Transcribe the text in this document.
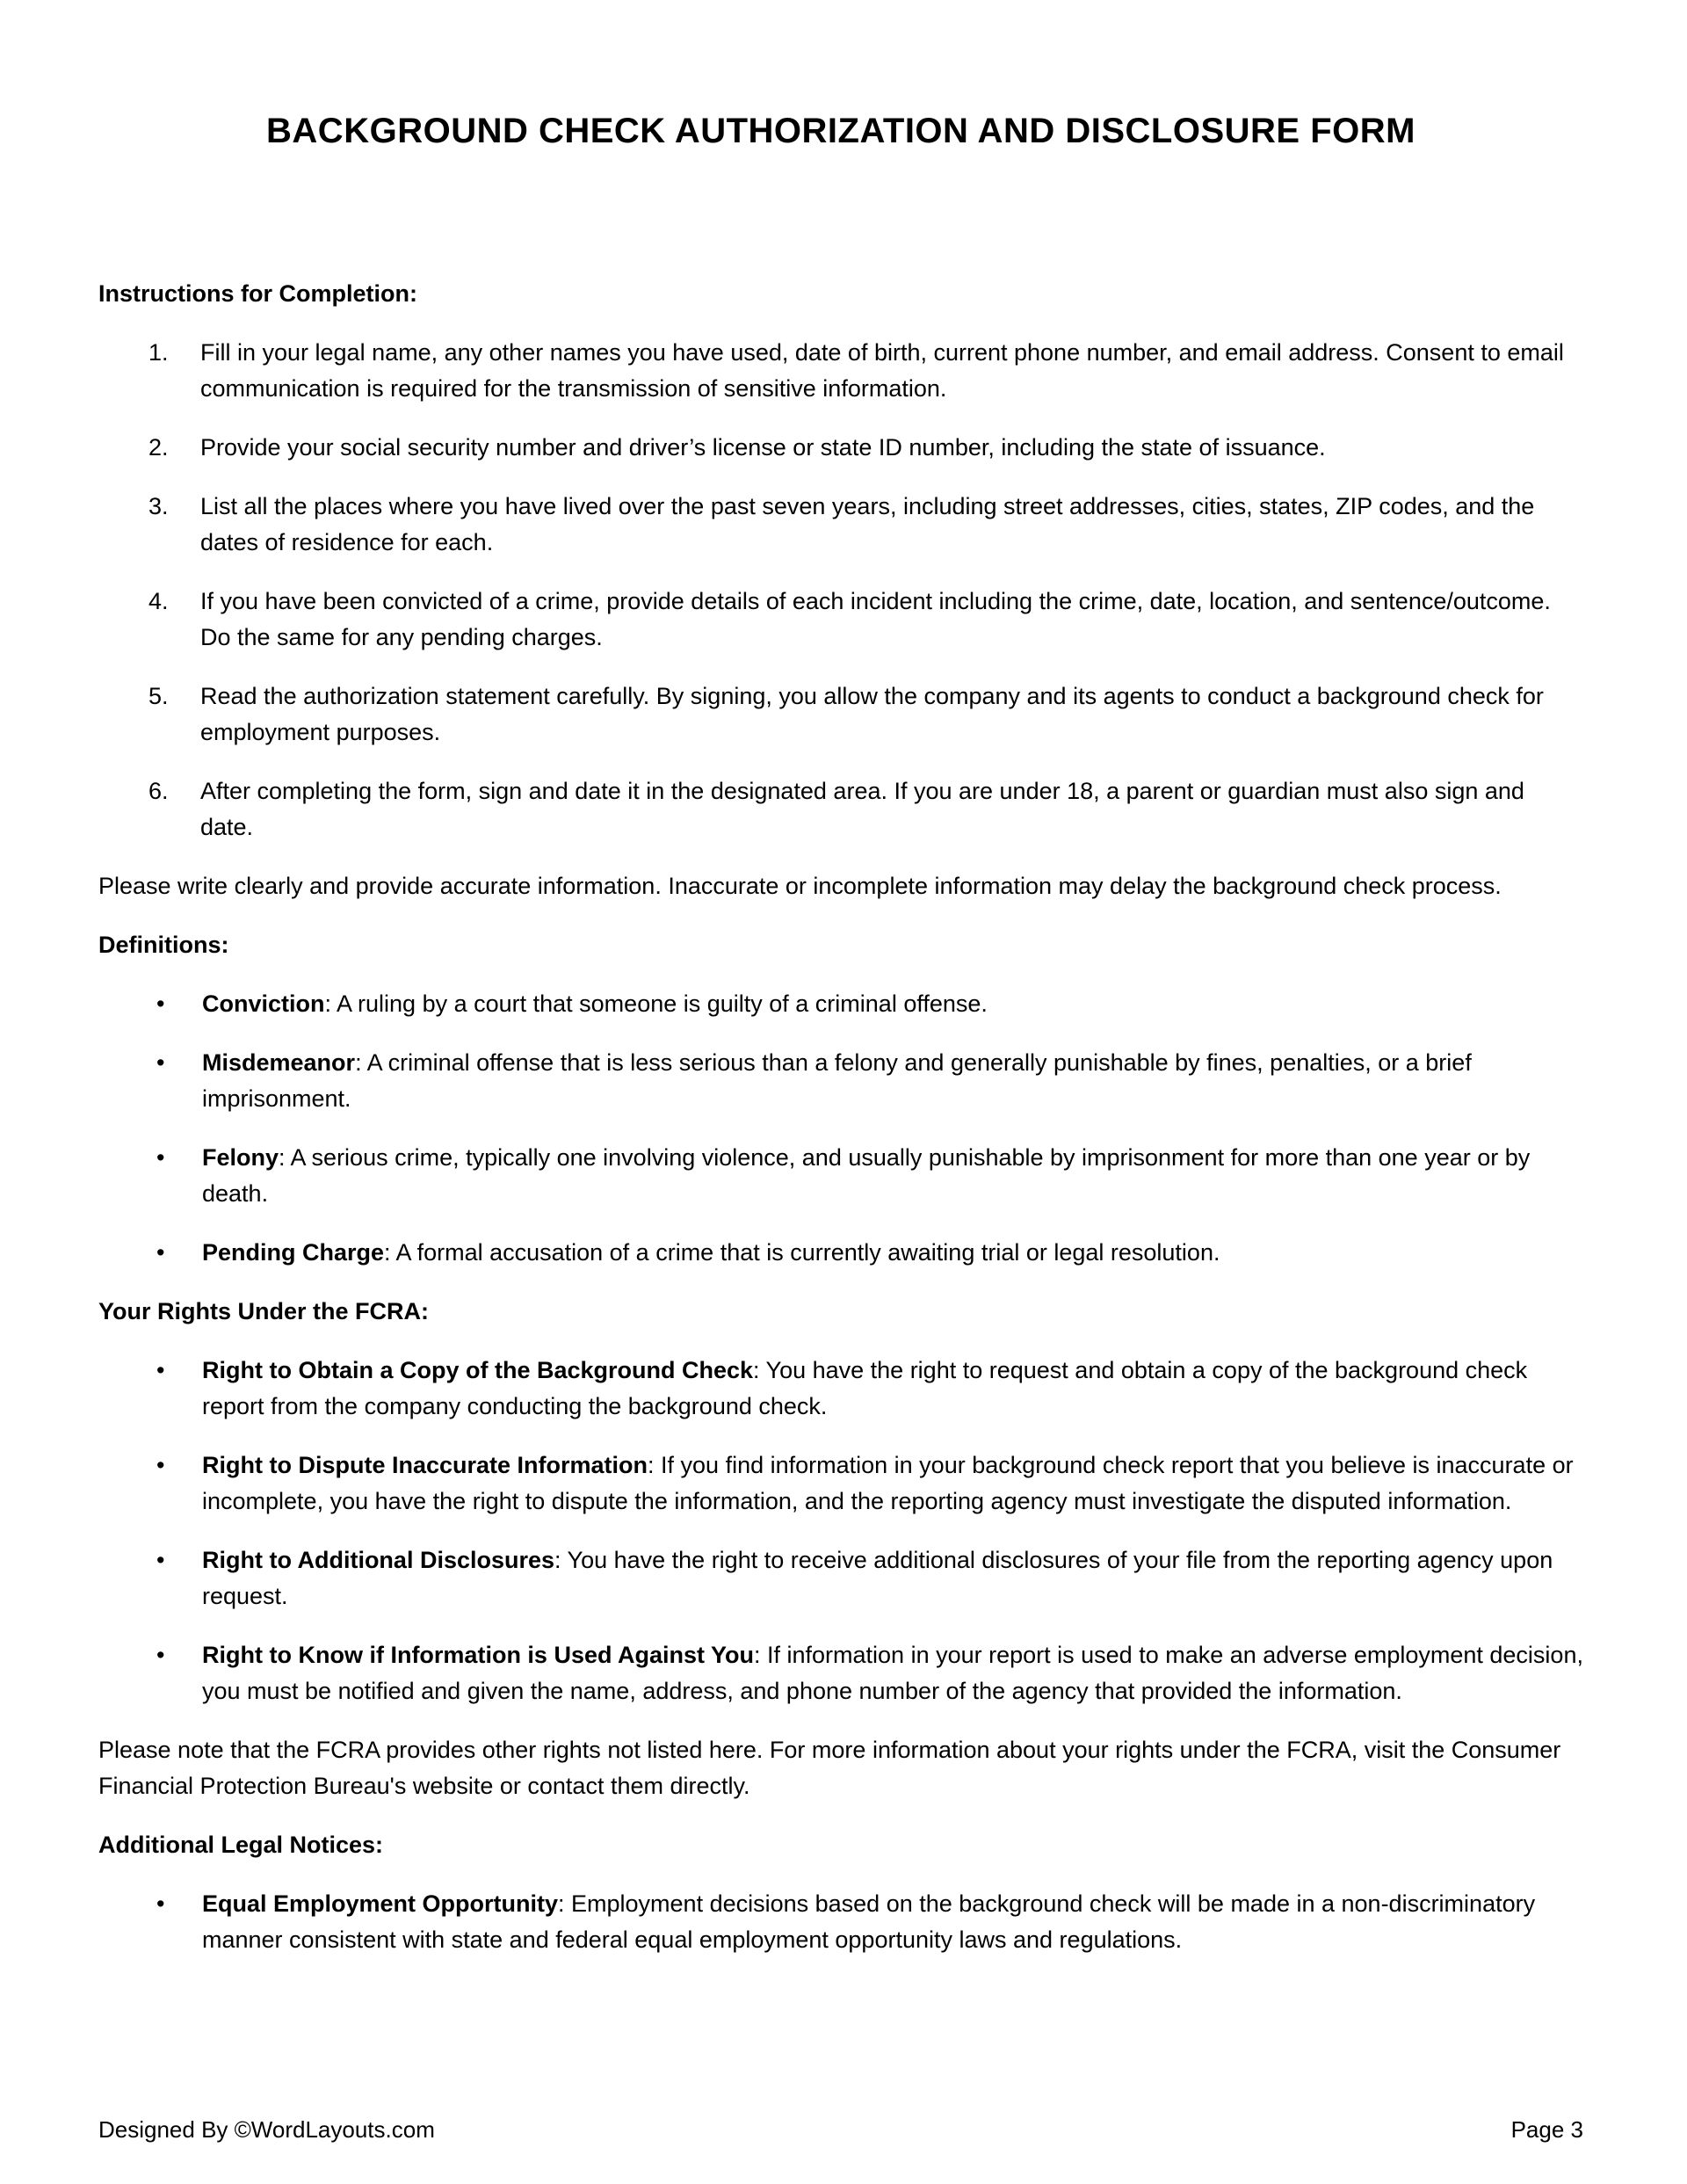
BACKGROUND CHECK AUTHORIZATION AND DISCLOSURE FORM
Instructions for Completion:
1. Fill in your legal name, any other names you have used, date of birth, current phone number, and email address. Consent to email communication is required for the transmission of sensitive information.
2. Provide your social security number and driver’s license or state ID number, including the state of issuance.
3. List all the places where you have lived over the past seven years, including street addresses, cities, states, ZIP codes, and the dates of residence for each.
4. If you have been convicted of a crime, provide details of each incident including the crime, date, location, and sentence/outcome. Do the same for any pending charges.
5. Read the authorization statement carefully. By signing, you allow the company and its agents to conduct a background check for employment purposes.
6. After completing the form, sign and date it in the designated area. If you are under 18, a parent or guardian must also sign and date.

Please write clearly and provide accurate information. Inaccurate or incomplete information may delay the background check process.

Definitions:
• Conviction: A ruling by a court that someone is guilty of a criminal offense.
• Misdemeanor: A criminal offense that is less serious than a felony and generally punishable by fines, penalties, or a brief imprisonment.
• Felony: A serious crime, typically one involving violence, and usually punishable by imprisonment for more than one year or by death.
• Pending Charge: A formal accusation of a crime that is currently awaiting trial or legal resolution.
Your Rights Under the FCRA:
• Right to Obtain a Copy of the Background Check: You have the right to request and obtain a copy of the background check report from the company conducting the background check.
• Right to Dispute Inaccurate Information: If you find information in your background check report that you believe is inaccurate or incomplete, you have the right to dispute the information, and the reporting agency must investigate the disputed information.
• Right to Additional Disclosures: You have the right to receive additional disclosures of your file from the reporting agency upon request.
• Right to Know if Information is Used Against You: If information in your report is used to make an adverse employment decision, you must be notified and given the name, address, and phone number of the agency that provided the information.

Please note that the FCRA provides other rights not listed here. For more information about your rights under the FCRA, visit the Consumer Financial Protection Bureau's website or contact them directly.

Additional Legal Notices:
• Equal Employment Opportunity: Employment decisions based on the background check will be made in a non-discriminatory manner consistent with state and federal equal employment opportunity laws and regulations.
Designed By ©WordLayouts.com	Page 3
